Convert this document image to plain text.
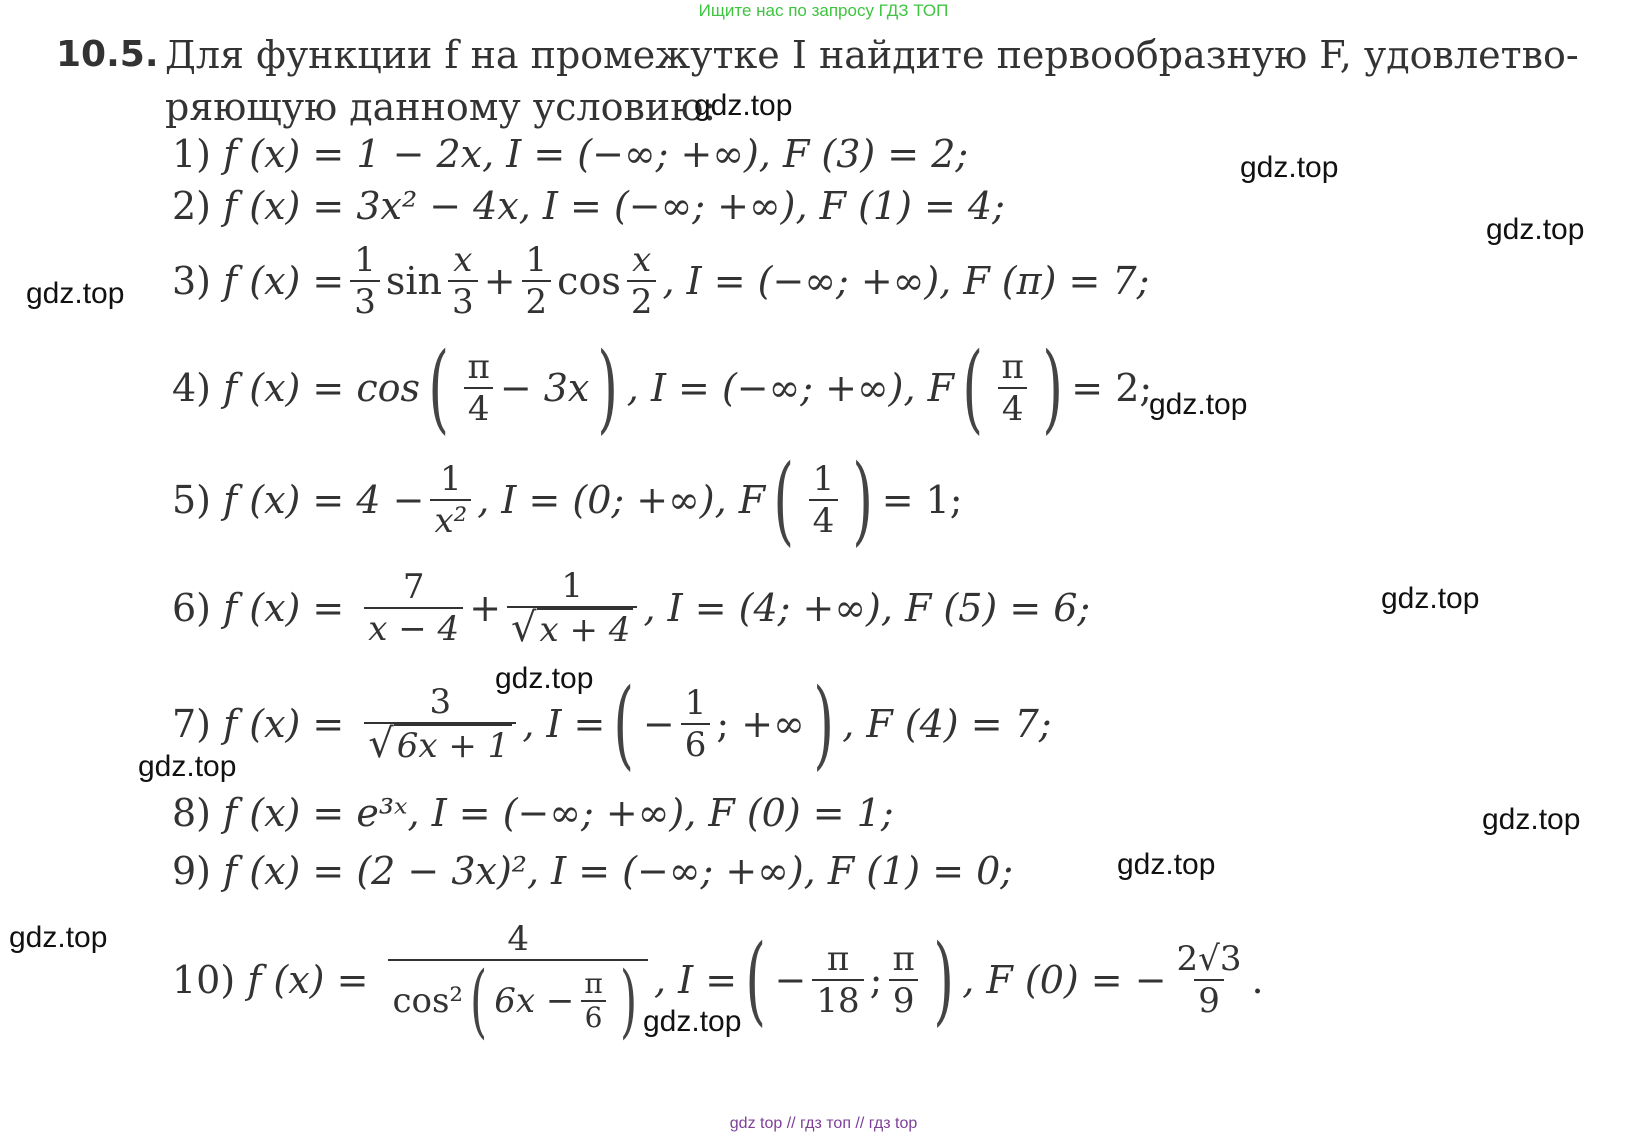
Ищите нас по запросу ГДЗ ТОП
10.5. Для функции f на промежутке I найдите первообразную F, удовлетво-
ряющую данному условию:
1)
f (x) = 1 − 2x, I = (−∞; +∞), F (3) = 2;
2)
f (x) = 3x² − 4x, I = (−∞; +∞), F (1) = 4;
3)
f $(x) = \frac{1}{3}$ $\sin \frac{x}{3} + \frac{1}{2}$ $\cos \frac{x}{2}$ , I = (−∞; +∞), F (π) = 7;
4)
f (x) = cos ( $\frac{\pi}{4} - 3x$ ) , I = (−∞; +∞), F ( $\frac{\pi}{4}$ ) = 2;
5)
f $(x) = 4 - \frac{1}{\text{x²}}$ , I = (0; +∞), F ( $\frac{1}{4}$ ) = 1;
6)
f $(x) = \frac{7}{x - 4} + \frac{1}{√ x + 4}$ , I = (4; +∞), F (5) = 6;
7)
f $(x) = \frac{3}{√ 6x + 1}$ , I = ( − $\frac{1}{6}$ ; +∞ ) , F (4) = 7;
8)
f (x) = e³ˣ, I = (−∞; +∞), F (0) = 1;
9)
f (x) = (2 − 3x)², I = (−∞; +∞), F (1) = 0;
10)
f $(x) = \frac{4}{\cos^2 ( 6x - \frac{\pi}{6} )}$ , I = ( − $\frac{\pi}{18}$ ; $\frac{\pi}{9}$ ) , F (0) = − $\frac{2√3}{9}$ .
gdz.top
gdz.top
gdz.top
gdz.top
gdz.top
gdz.top
gdz.top
gdz.top
gdz.top
gdz.top
gdz.top
gdz.top
gdz top // гдз топ // гдз top
